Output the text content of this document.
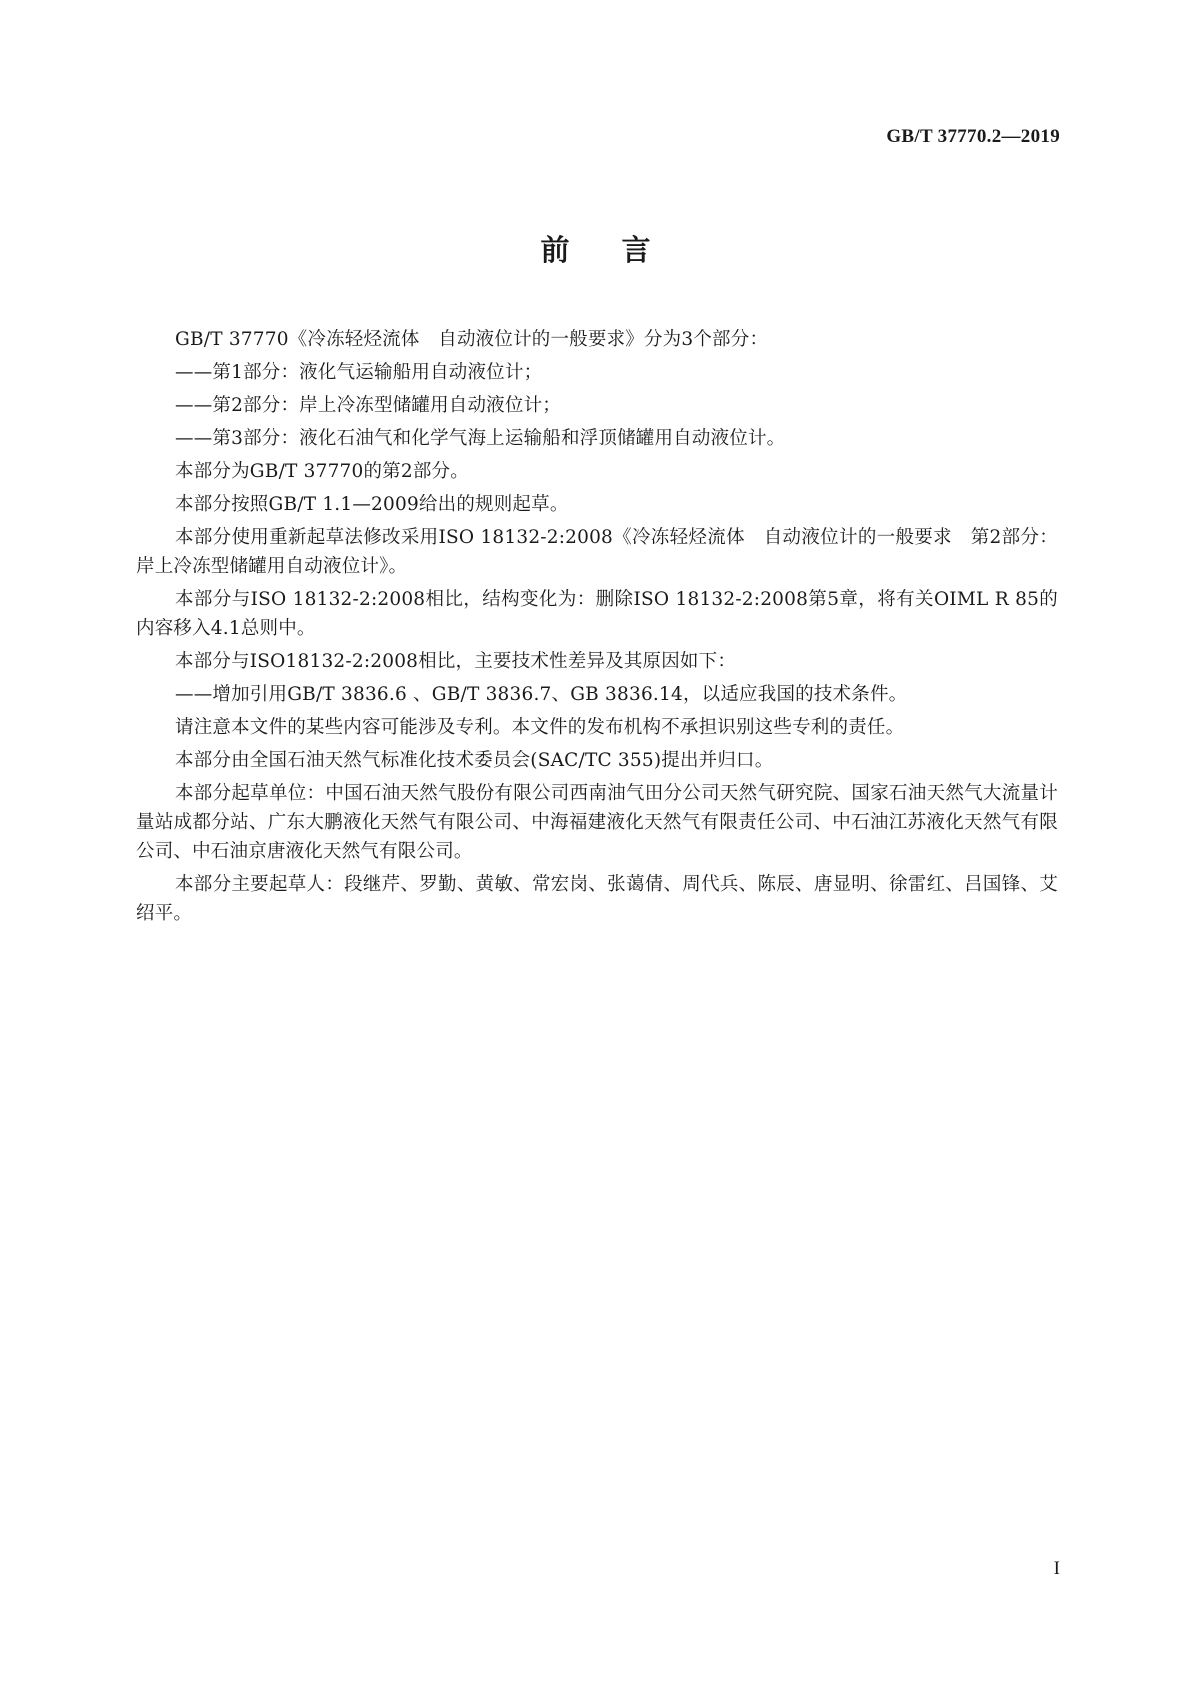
GB/T 37770.2—2019
前言

GB/T 37770《冷冻轻烃流体　自动液位计的一般要求》分为3个部分：

——第1部分：液化气运输船用自动液位计；

——第2部分：岸上冷冻型储罐用自动液位计；

——第3部分：液化石油气和化学气海上运输船和浮顶储罐用自动液位计。

本部分为GB/T 37770的第2部分。

本部分按照GB/T 1.1—2009给出的规则起草。

本部分使用重新起草法修改采用ISO 18132-2:2008《冷冻轻烃流体　自动液位计的一般要求　第2部分：岸上冷冻型储罐用自动液位计》。

本部分与ISO 18132-2:2008相比，结构变化为：删除ISO 18132-2:2008第5章，将有关OIML R 85的内容移入4.1总则中。

本部分与ISO18132-2:2008相比，主要技术性差异及其原因如下：

——增加引用GB/T 3836.6 、GB/T 3836.7、GB 3836.14，以适应我国的技术条件。

请注意本文件的某些内容可能涉及专利。本文件的发布机构不承担识别这些专利的责任。

本部分由全国石油天然气标准化技术委员会(SAC/TC 355)提出并归口。

本部分起草单位：中国石油天然气股份有限公司西南油气田分公司天然气研究院、国家石油天然气大流量计量站成都分站、广东大鹏液化天然气有限公司、中海福建液化天然气有限责任公司、中石油江苏液化天然气有限公司、中石油京唐液化天然气有限公司。

本部分主要起草人：段继芹、罗勤、黄敏、常宏岗、张蔼倩、周代兵、陈辰、唐显明、徐雷红、吕国锋、艾绍平。

I
